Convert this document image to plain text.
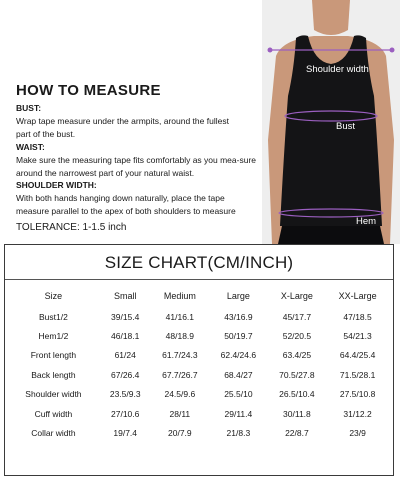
HOW TO MEASURE

BUST:

Wrap tape measure under the armpits, around the fullest

part of the bust.

WAIST:

Make sure the measuring tape fits comfortably as you mea-sure

around the narrowest part of your natural waist.

SHOULDER WIDTH:

With both hands hanging down naturally, place the tape

measure parallel to the apex of both shoulders to measure

TOLERANCE: 1-1.5 inch
Shoulder width
Bust
Hem
SIZE CHART(CM/INCH)
Size	Small	Medium	Large	X-Large	XX-Large
Bust1/2	39/15.4	41/16.1	43/16.9	45/17.7	47/18.5
Hem1/2	46/18.1	48/18.9	50/19.7	52/20.5	54/21.3
Front length	61/24	61.7/24.3	62.4/24.6	63.4/25	64.4/25.4
Back length	67/26.4	67.7/26.7	68.4/27	70.5/27.8	71.5/28.1
Shoulder width	23.5/9.3	24.5/9.6	25.5/10	26.5/10.4	27.5/10.8
Cuff width	27/10.6	28/11	29/11.4	30/11.8	31/12.2
Collar width	19/7.4	20/7.9	21/8.3	22/8.7	23/9
